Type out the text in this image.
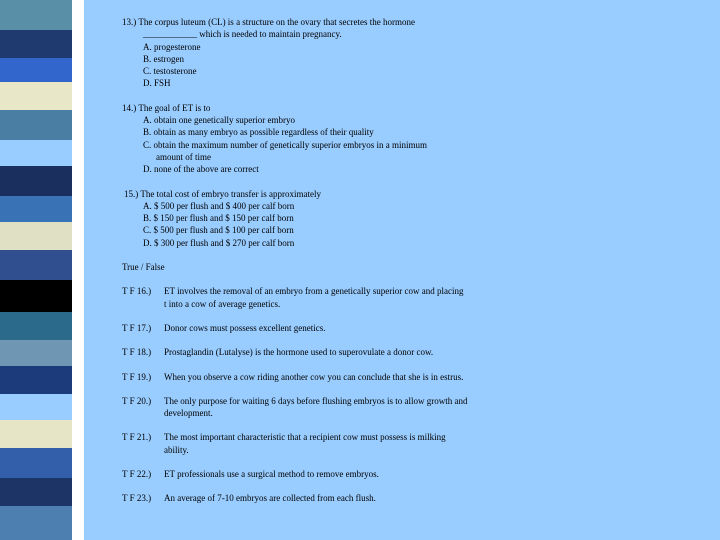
13.) The corpus luteum (CL) is a structure on the ovary that secretes the hormone
____________ which is needed to maintain pregnancy.
A. progesterone
B. estrogen
C. testosterone
D. FSH
14.) The goal of ET is to
A. obtain one genetically superior embryo
B. obtain as many embryo as possible regardless of their quality
C. obtain the maximum number of genetically superior embryos in a minimum
amount of time
D. none of the above are correct
15.) The total cost of embryo transfer is approximately
A. $ 500 per flush and $ 400 per calf born
B. $ 150 per flush and $ 150 per calf born
C. $ 500 per flush and $ 100 per calf born
D. $ 300 per flush and $ 270 per calf born
True / False
T F 16.)	ET involves the removal of an embryo from a genetically superior cow and placing
t into a cow of average genetics.
T F 17.)	Donor cows must possess excellent genetics.
T F 18.)	Prostaglandin (Lutalyse) is the hormone used to superovulate a donor cow.
T F 19.)	When you observe a cow riding another cow you can conclude that she is in estrus.
T F 20.)	The only purpose for waiting 6 days before flushing embryos is to allow growth and
development.
T F 21.)	The most important characteristic that a recipient cow must possess is milking
ability.
T F 22.)	ET professionals use a surgical method to remove embryos.
T F 23.)	An average of 7-10 embryos are collected from each flush.
